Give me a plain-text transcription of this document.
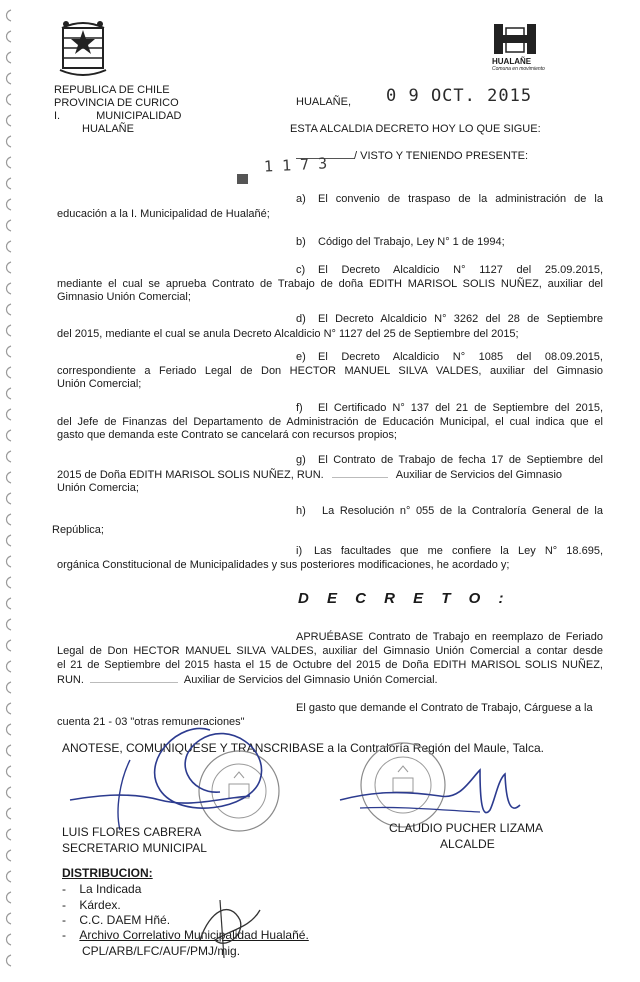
REPUBLICA DE CHILE
PROVINCIA DE CURICO
I.	MUNICIPALIDAD
HUALAÑE
HUALAÑE
Comuna en movimiento
HUALAÑE, 0 9 OCT. 2015
ESTA ALCALDIA DECRETO HOY LO QUE SIGUE:
/ VISTO Y TENIENDO PRESENTE:
1 1 7 3
a) El convenio de traspaso de la administración de la
educación a la I. Municipalidad de Hualañé;
b) Código del Trabajo, Ley N° 1 de 1994;
c) El Decreto Alcaldicio N° 1127 del 25.09.2015,
mediante el cual se aprueba Contrato de Trabajo de doña EDITH MARISOL SOLIS NUÑEZ, auxiliar del
Gimnasio Unión Comercial;
d) El Decreto Alcaldicio N° 3262 del 28 de Septiembre
del 2015, mediante el cual se anula Decreto Alcaldicio N° 1127 del 25 de Septiembre del 2015;
e) El Decreto Alcaldicio N° 1085 del 08.09.2015,
correspondiente a Feriado Legal de Don HECTOR MANUEL SILVA VALDES, auxiliar del Gimnasio
Unión Comercial;
f) El Certificado N° 137 del 21 de Septiembre del 2015,
del Jefe de Finanzas del Departamento de Administración de Educación Municipal, el cual indica que el
gasto que demanda este Contrato se cancelará con recursos propios;
g) El Contrato de Trabajo de fecha 17 de Septiembre del
2015 de Doña EDITH MARISOL SOLIS NUÑEZ, RUN.	Auxiliar de Servicios del Gimnasio
Unión Comercia;
h) La Resolución n° 055 de la Contraloría General de la
República;
i) Las facultades que me confiere la Ley N° 18.695,
orgánica Constitucional de Municipalidades y sus posteriores modificaciones, he acordado y;
D E C R E T O :
APRUÉBASE Contrato de Trabajo en reemplazo de Feriado
Legal de Don HECTOR MANUEL SILVA VALDES, auxiliar del Gimnasio Unión Comercial a contar desde
el 21 de Septiembre del 2015 hasta el 15 de Octubre del 2015 de Doña EDITH MARISOL SOLIS NUÑEZ,
RUN.	Auxiliar de Servicios del Gimnasio Unión Comercial.
El gasto que demande el Contrato de Trabajo, Cárguese a la
cuenta 21 - 03 "otras remuneraciones"
ANOTESE, COMUNIQUESE Y TRANSCRIBASE a la Contraloría Región del Maule, Talca.
LUIS FLORES CABRERA
SECRETARIO MUNICIPAL
CLAUDIO PUCHER LIZAMA
ALCALDE
DISTRIBUCION:
-    La Indicada
-    Kárdex.
-    C.C. DAEM Hñé.
-    Archivo Correlativo Municipalidad Hualañé.
CPL/ARB/LFC/AUF/PMJ/mig.
